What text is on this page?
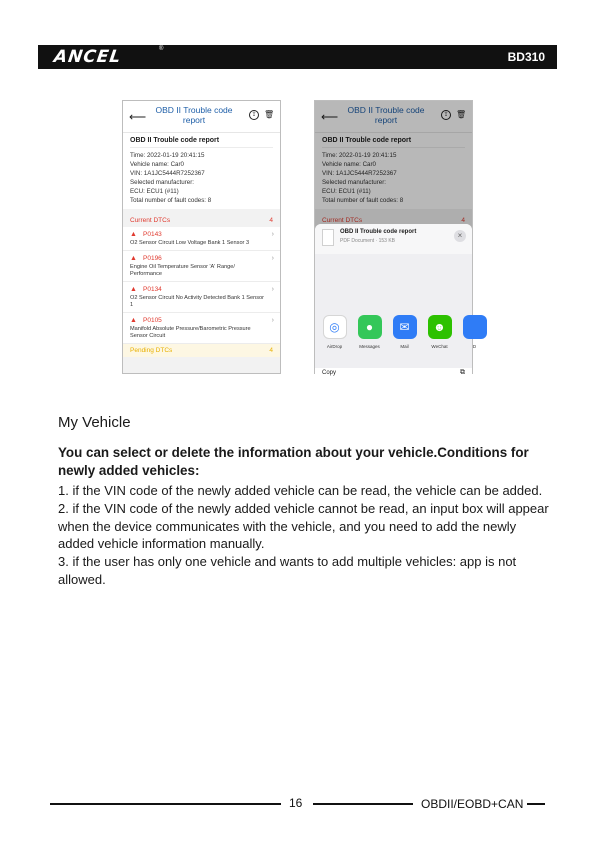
ANCEL	®
BD310
⟵	OBD II Trouble code report	⇪ 🗑
OBD II Trouble code report
Time: 2022-01-19 20:41:15
Vehicle name: Car0
VIN: 1A1JC5444R7252367
Selected manufacturer:
ECU: ECU1 (#11)
Total number of fault codes: 8
Current DTCs	4
▲ P0143
O2 Sensor Circuit Low Voltage Bank 1 Sensor 3
›
▲ P0196
Engine Oil Temperature Sensor 'A' Range/ Performance
›
▲ P0134
O2 Sensor Circuit No Activity Detected Bank 1 Sensor 1
›
▲ P0105
Manifold Absolute Pressure/Barometric Pressure Sensor Circuit
›
Pending DTCs	4
⟵	OBD II Trouble code report	⇪ 🗑
OBD II Trouble code report
Time: 2022-01-19 20:41:15
Vehicle name: Car0
VIN: 1A1JC5444R7252367
Selected manufacturer:
ECU: ECU1 (#11)
Total number of fault codes: 8
Current DTCs	4
OBD II Trouble code report
PDF Document · 153 KB
×
◎
AirDrop
●
Messages
✉
Mail
☻
WeChat	D
Copy	⧉
My Vehicle
You can select or delete the information about your vehicle.Conditions for newly added vehicles:
1. if the VIN code of the newly added vehicle can be read, the vehicle can be added.
2. if the VIN code of the newly added vehicle cannot be read, an input box will appear when the device communicates with the vehicle, and you need to add the newly added vehicle information manually.
3. if the user has only one vehicle and wants to add multiple vehicles: app is not allowed.
16	OBDII/EOBD+CAN
